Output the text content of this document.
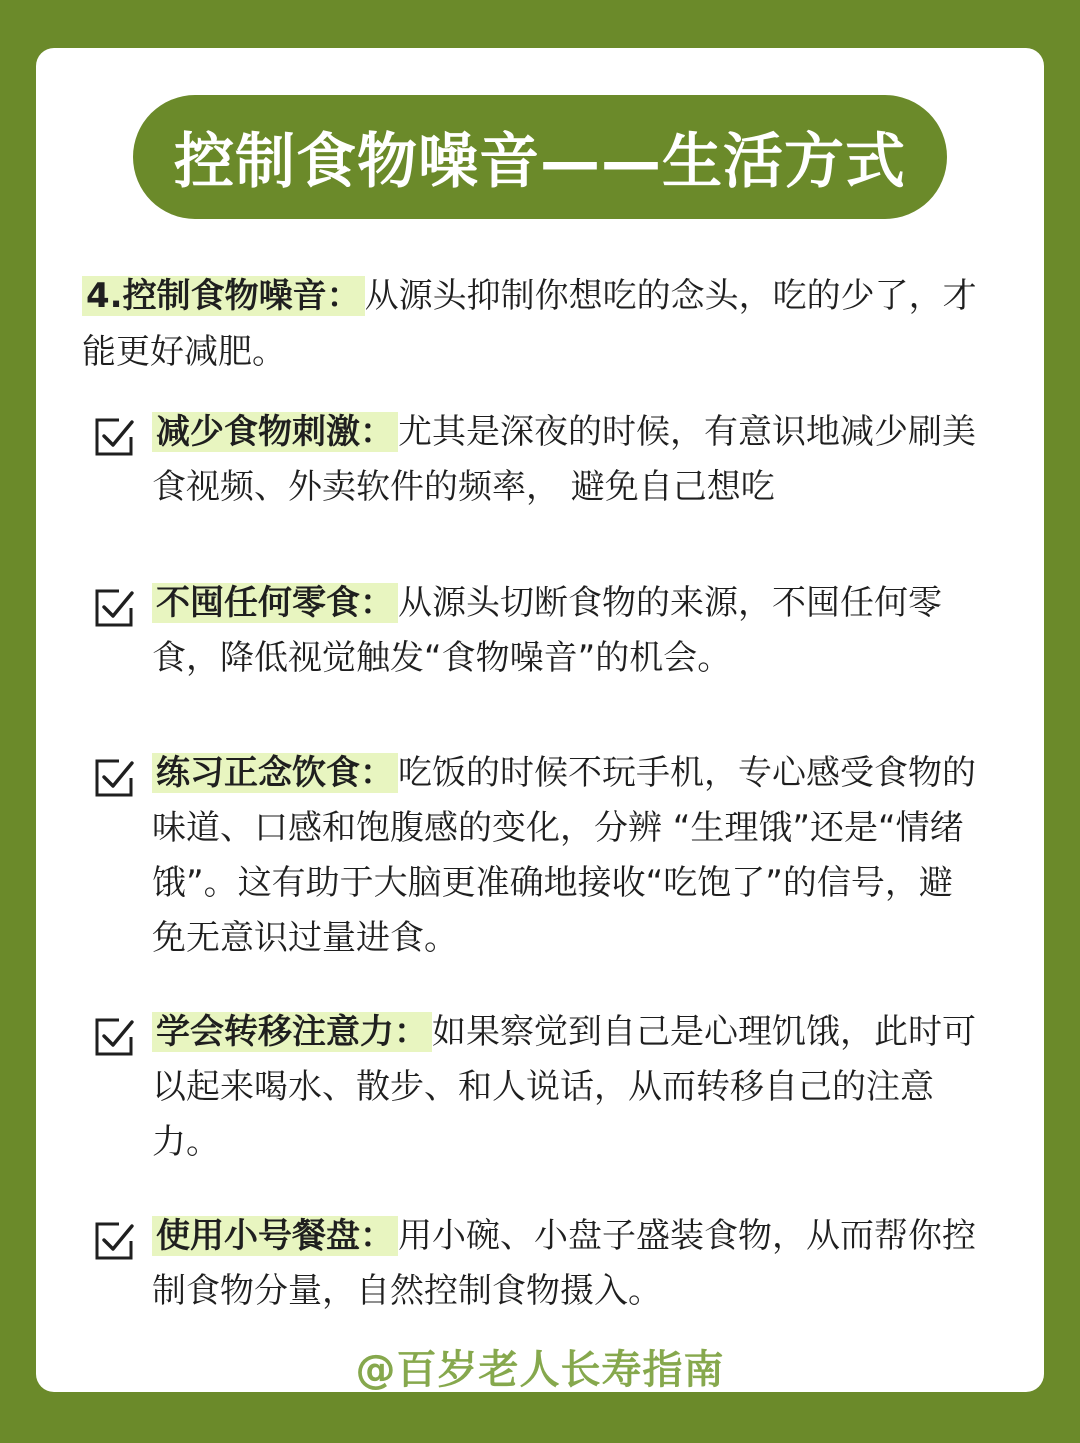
控制食物噪音——生活方式
4.控制食物噪音： 从源头抑制你想吃的念头，吃的少了，才能更好减肥。
减少食物刺激： 尤其是深夜的时候，有意识地减少刷美食视频、外卖软件的频率， 避免自己想吃
不囤任何零食： 从源头切断食物的来源，不囤任何零食，降低视觉触发“食物噪音”的机会。
练习正念饮食： 吃饭的时候不玩手机，专心感受食物的味道、口感和饱腹感的变化，分辨 “生理饿”还是“情绪饿”。这有助于大脑更准确地接收“吃饱了”的信号，避免无意识过量进食。
学会转移注意力： 如果察觉到自己是心理饥饿，此时可以起来喝水、散步、和人说话，从而转移自己的注意力。
使用小号餐盘： 用小碗、小盘子盛装食物，从而帮你控制食物分量，自然控制食物摄入。
@百岁老人长寿指南
